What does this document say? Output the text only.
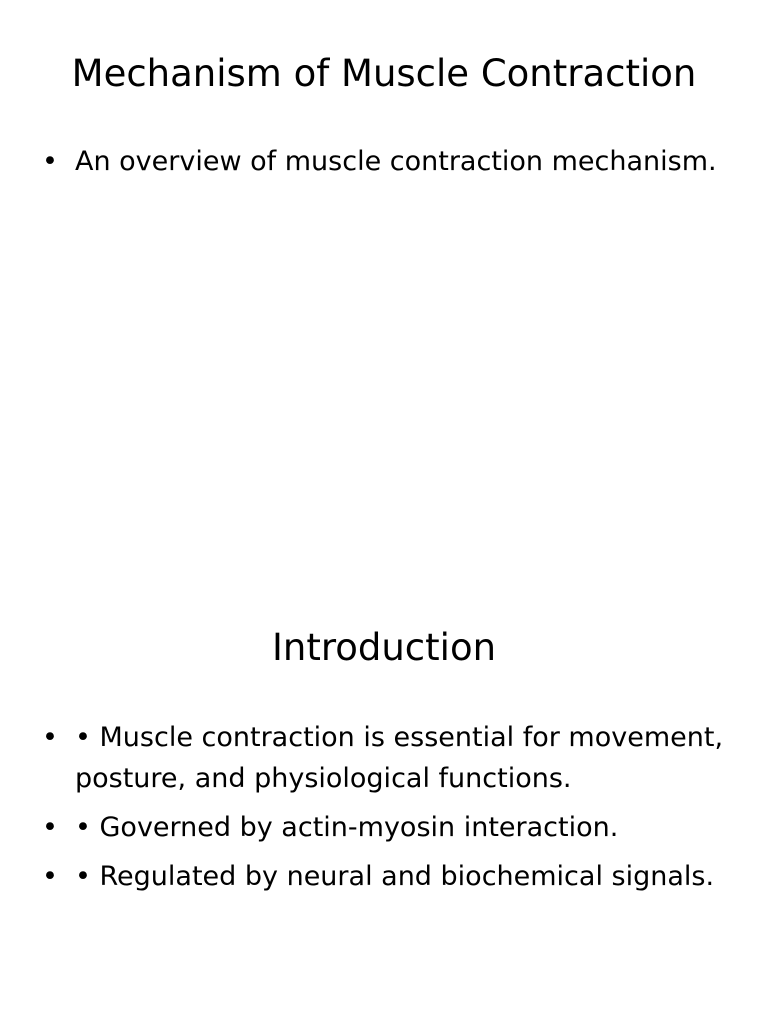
Mechanism of Muscle Contraction
• An overview of muscle contraction mechanism.
Introduction
• • Muscle contraction is essential for movement, posture, and physiological functions.
• • Governed by actin-myosin interaction.
• • Regulated by neural and biochemical signals.
